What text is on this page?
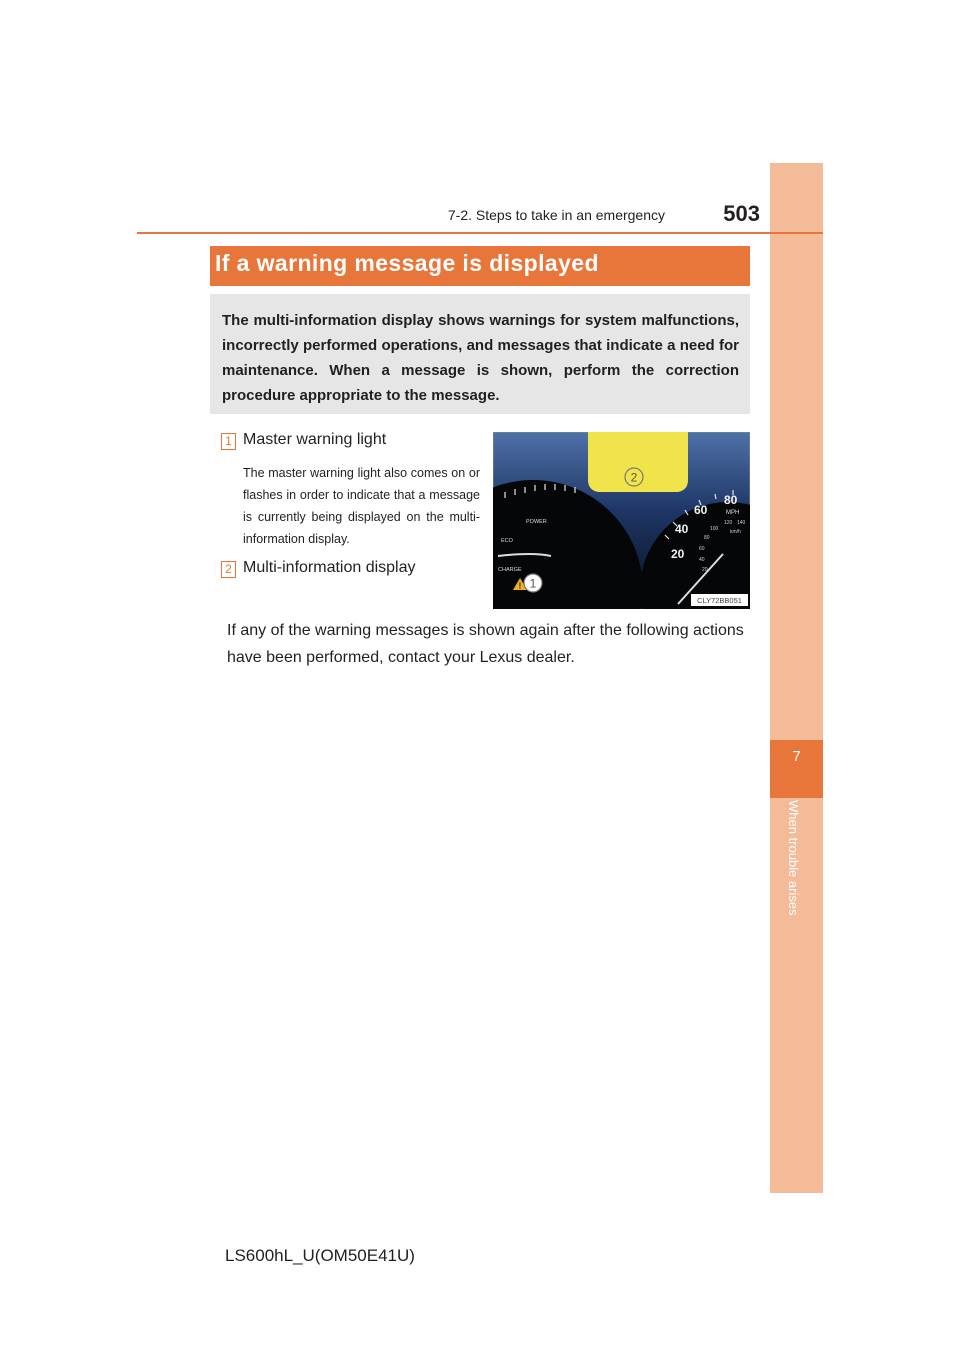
7
When trouble arises
7-2. Steps to take in an emergency	503
If a warning message is displayed
The multi-information display shows warnings for system malfunctions, incorrectly performed operations, and messages that indicate a need for maintenance. When a message is shown, perform the correction procedure appropriate to the message.
1 Master warning light
The master warning light also comes on or flashes in order to indicate that a message is currently being displayed on the multi-information display.
2 Multi-information display
If any of the warning messages is shown again after the following actions have been performed, contact your Lexus dealer.
2
POWER
ECO
CHARGE
! 1
20
40
60
80
MPH
20
40
60
80
100
120 140
km/h
CLY72BB051
LS600hL_U(OM50E41U)
